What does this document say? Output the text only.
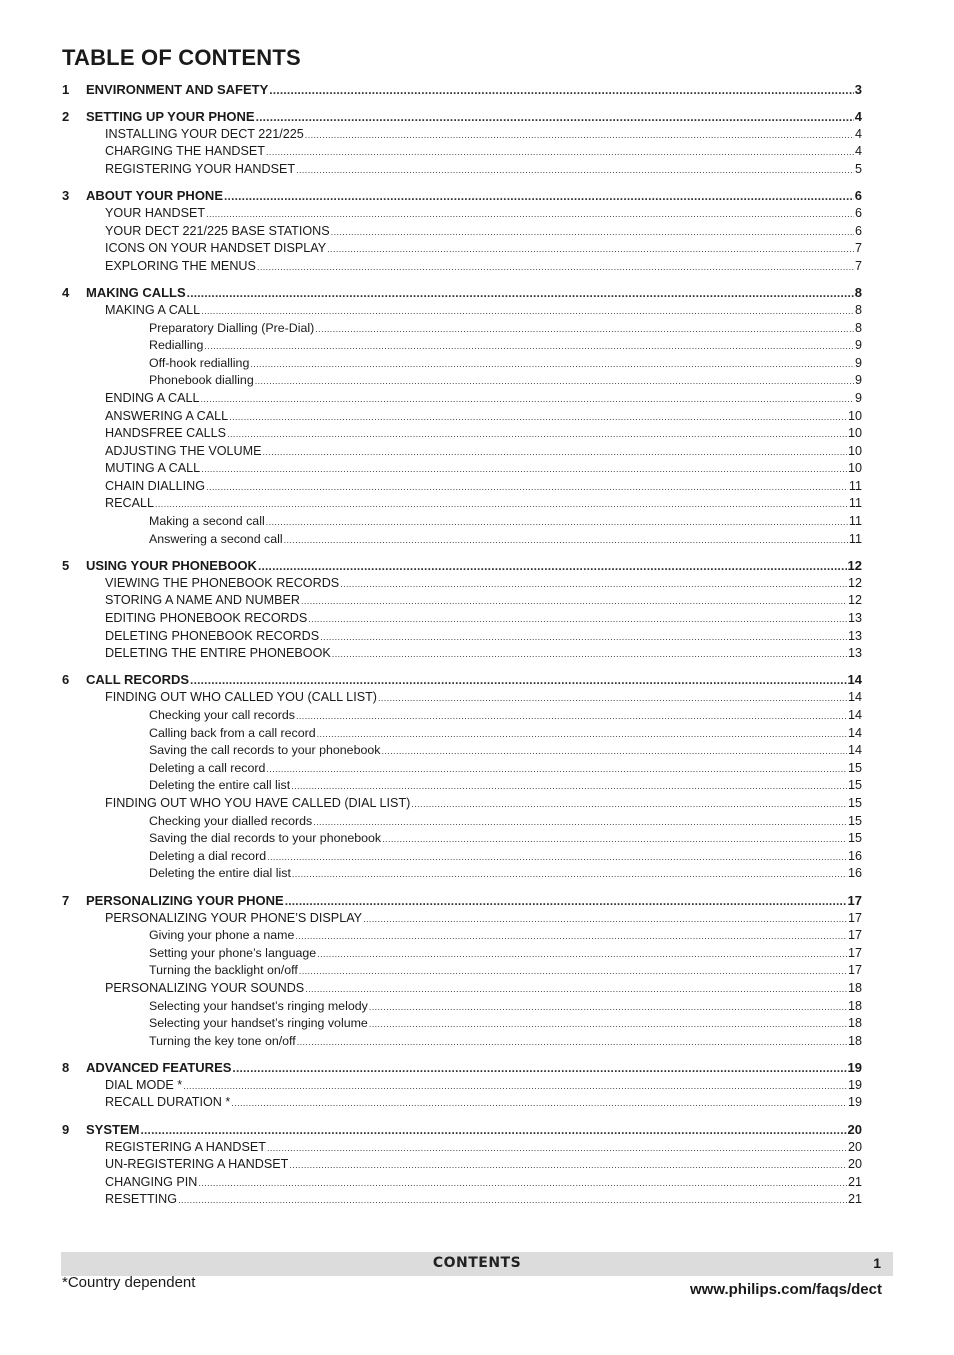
TABLE OF CONTENTS
1	ENVIRONMENT AND SAFETY .....	3
2	SETTING UP YOUR PHONE .....	4
INSTALLING YOUR DECT 221/225 .....	4
CHARGING THE HANDSET .....	4
REGISTERING YOUR HANDSET .....	5
3	ABOUT YOUR PHONE .....	6
YOUR HANDSET .....	6
YOUR DECT 221/225 BASE STATIONS .....	6
ICONS ON YOUR HANDSET DISPLAY .....	7
EXPLORING THE MENUS .....	7
4	MAKING CALLS .....	8
MAKING A CALL .....	8
Preparatory Dialling (Pre-Dial) .....	8
Redialling .....	9
Off-hook redialling .....	9
Phonebook dialling .....	9
ENDING A CALL .....	9
ANSWERING A CALL .....	10
HANDSFREE CALLS .....	10
ADJUSTING THE VOLUME .....	10
MUTING A CALL .....	10
CHAIN DIALLING .....	11
RECALL .....	11
Making a second call .....	11
Answering a second call .....	11
5	USING YOUR PHONEBOOK .....	12
VIEWING THE PHONEBOOK RECORDS .....	12
STORING A NAME AND NUMBER .....	12
EDITING PHONEBOOK RECORDS .....	13
DELETING PHONEBOOK RECORDS .....	13
DELETING THE ENTIRE PHONEBOOK .....	13
6	CALL RECORDS .....	14
FINDING OUT WHO CALLED YOU (CALL LIST) .....	14
Checking your call records .....	14
Calling back from a call record .....	14
Saving the call records to your phonebook .....	14
Deleting a call record .....	15
Deleting the entire call list .....	15
FINDING OUT WHO YOU HAVE CALLED (DIAL LIST) .....	15
Checking your dialled records .....	15
Saving the dial records to your phonebook .....	15
Deleting a dial record .....	16
Deleting the entire dial list .....	16
7	PERSONALIZING YOUR PHONE .....	17
PERSONALIZING YOUR PHONE’S DISPLAY .....	17
Giving your phone a name .....	17
Setting your phone’s language .....	17
Turning the backlight on/off .....	17
PERSONALIZING YOUR SOUNDS .....	18
Selecting your handset’s ringing melody .....	18
Selecting your handset’s ringing volume .....	18
Turning the key tone on/off .....	18
8	ADVANCED FEATURES .....	19
DIAL MODE * .....	19
RECALL DURATION * .....	19
9	SYSTEM .....	20
REGISTERING A HANDSET .....	20
UN-REGISTERING A HANDSET .....	20
CHANGING PIN .....	21
RESETTING .....	21
CONTENTS	1
*Country dependent	www.philips.com/faqs/dect
